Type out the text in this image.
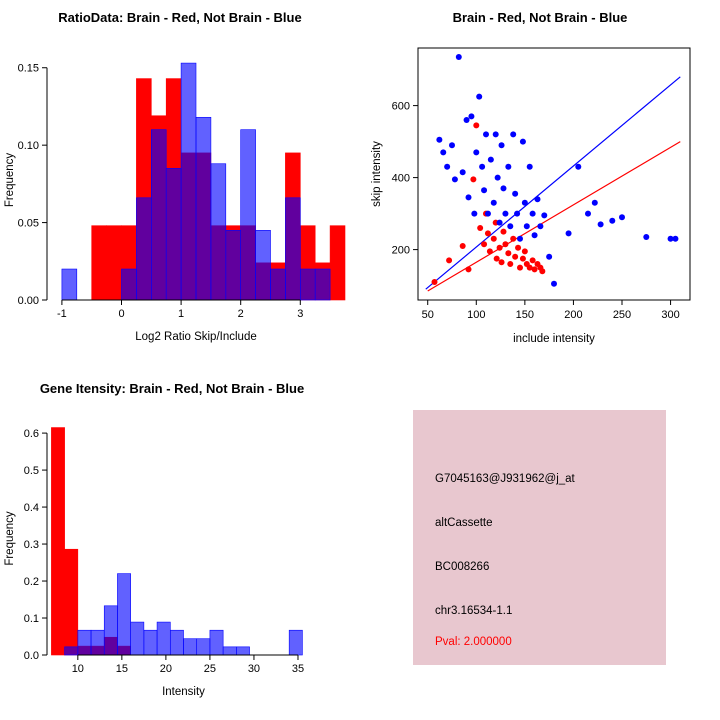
RatioData: Brain - Red, Not Brain - Blue
-1	0	1	2	3
0.00
0.05
0.10
0.15
Log2 Ratio Skip/Include
Frequency
Brain - Red, Not Brain - Blue
50	100	150	200	250	300
200
400
600
include intensity
skip intensity
Gene Itensity: Brain - Red, Not Brain - Blue
10	15	20	25	30	35
0.0
0.1
0.2
0.3
0.4
0.5
0.6
Intensity
Frequency
G7045163@J931962@j_at
altCassette
BC008266
chr3.16534-1.1
Pval: 2.000000
